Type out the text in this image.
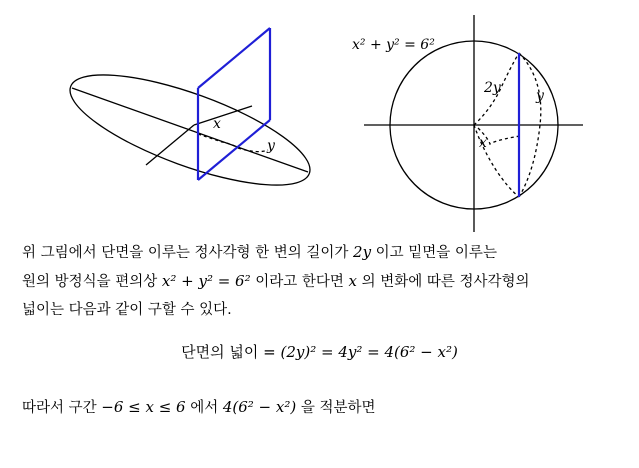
x
y
x² + y² = 6²
2y	y
x
위 그림에서 단면을 이루는 정사각형 한 변의 길이가 2y 이고 밑면을 이루는
원의 방정식을 편의상 x² + y² = 6² 이라고 한다면 x 의 변화에 따른 정사각형의
넓이는 다음과 같이 구할 수 있다.
단면의 넓이 = (2y)² = 4y² = 4(6² − x²)
따라서 구간 −6 ≤ x ≤ 6 에서 4(6² − x²) 을 적분하면
